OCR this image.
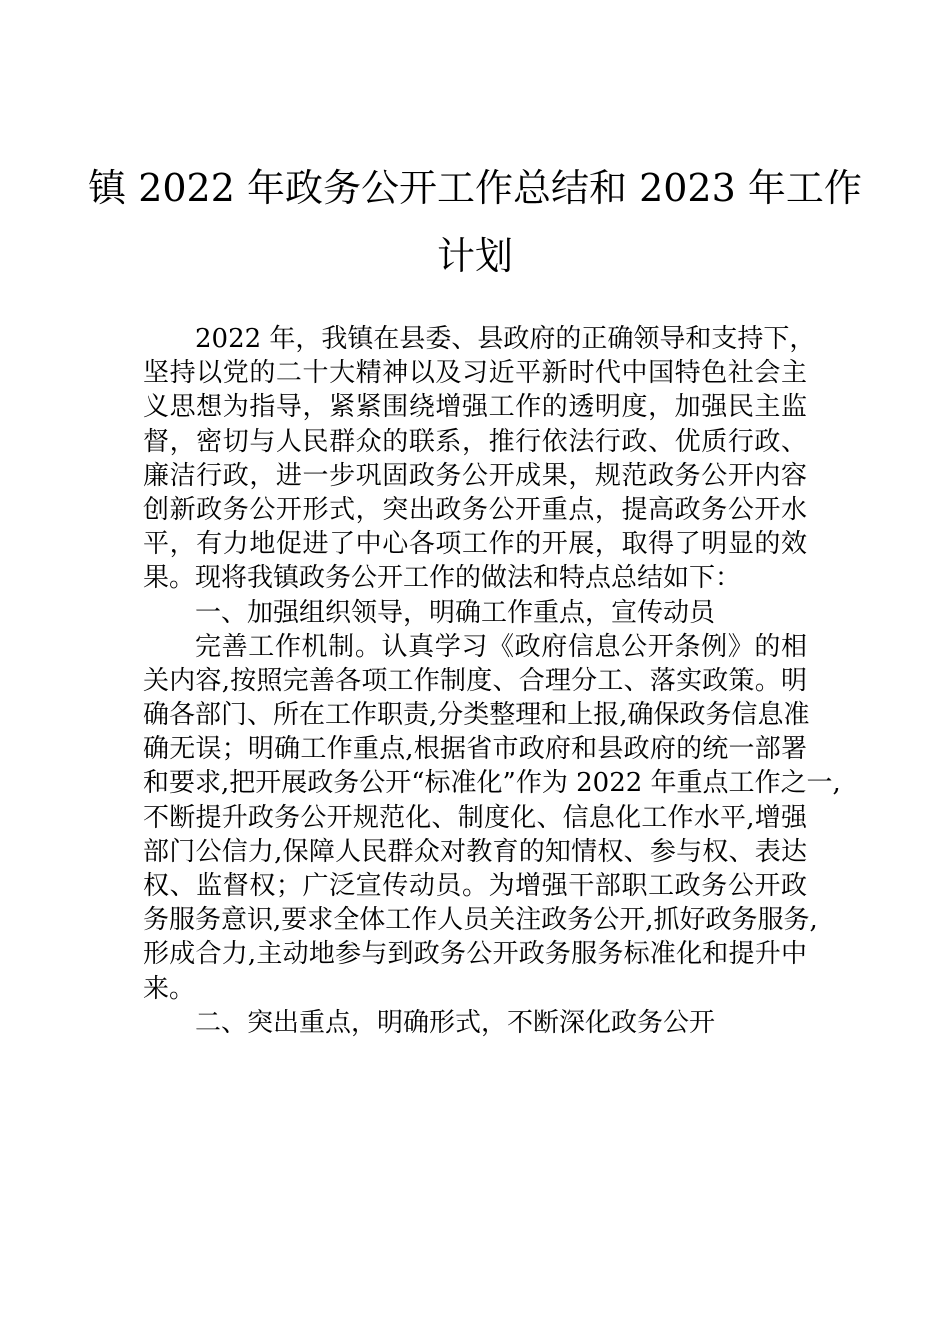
镇 2022 年政务公开工作总结和 2023 年工作
计划
2022 年，我镇在县委、县政府的正确领导和支持下，
坚持以党的二十大精神以及习近平新时代中国特色社会主
义思想为指导，紧紧围绕增强工作的透明度，加强民主监
督，密切与人民群众的联系，推行依法行政、优质行政、
廉洁行政，进一步巩固政务公开成果，规范政务公开内容
创新政务公开形式，突出政务公开重点，提高政务公开水
平，有力地促进了中心各项工作的开展，取得了明显的效
果。现将我镇政务公开工作的做法和特点总结如下：
一、加强组织领导，明确工作重点，宣传动员
完善工作机制。认真学习《政府信息公开条例》的相
关内容,按照完善各项工作制度、合理分工、落实政策。明
确各部门、所在工作职责,分类整理和上报,确保政务信息准
确无误；明确工作重点,根据省市政府和县政府的统一部署
和要求,把开展政务公开“标准化”作为 2022 年重点工作之一,
不断提升政务公开规范化、制度化、信息化工作水平,增强
部门公信力,保障人民群众对教育的知情权、参与权、表达
权、监督权；广泛宣传动员。为增强干部职工政务公开政
务服务意识,要求全体工作人员关注政务公开,抓好政务服务,
形成合力,主动地参与到政务公开政务服务标准化和提升中
来。
二、突出重点，明确形式，不断深化政务公开
